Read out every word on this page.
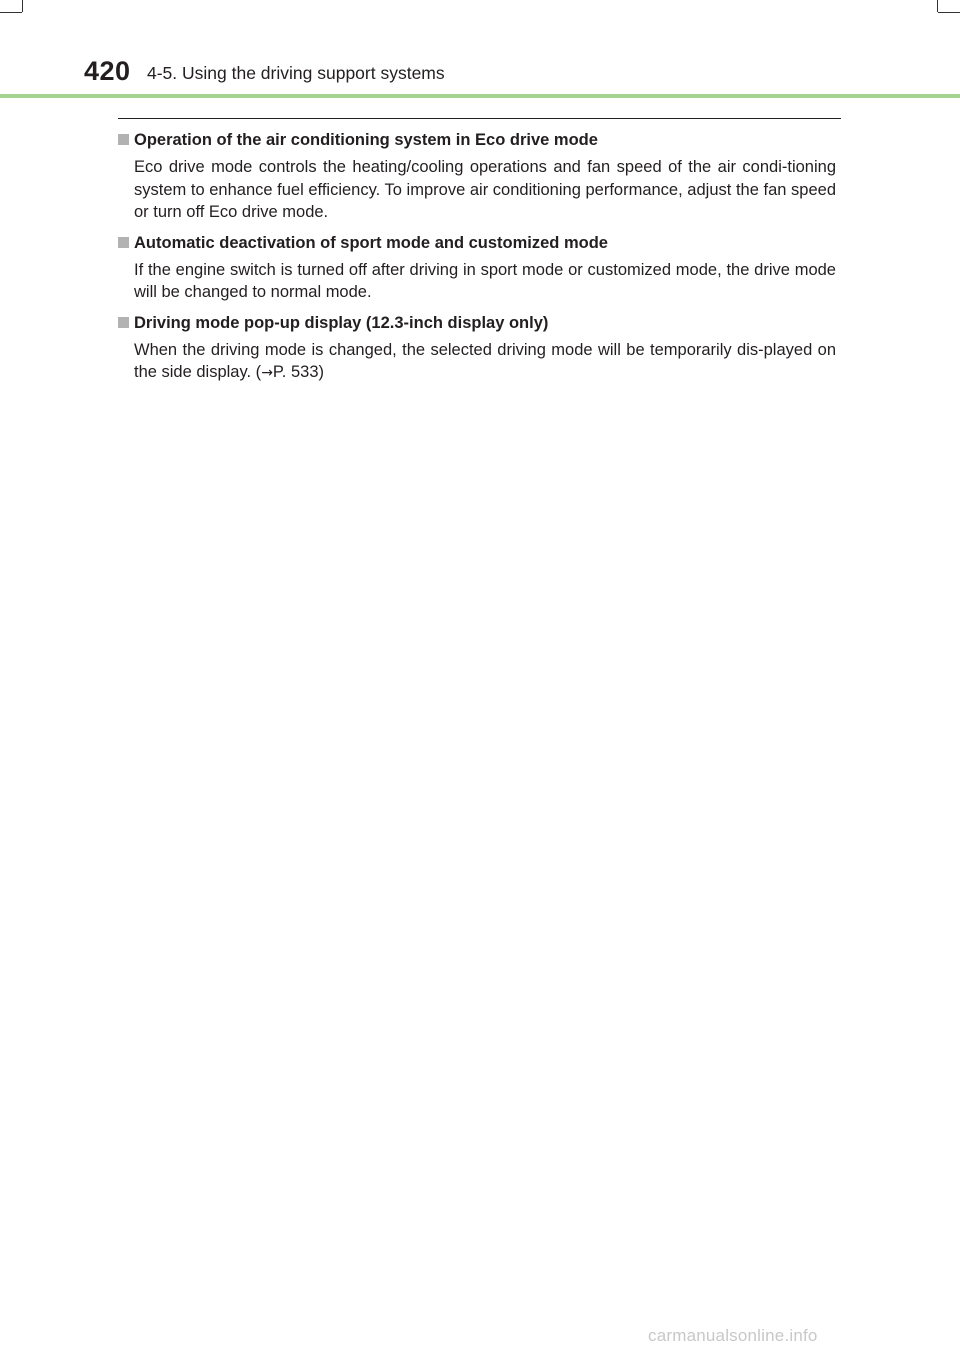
420 4-5. Using the driving support systems
Operation of the air conditioning system in Eco drive mode
Eco drive mode controls the heating/cooling operations and fan speed of the air condi-tioning system to enhance fuel efficiency. To improve air conditioning performance, adjust the fan speed or turn off Eco drive mode.
Automatic deactivation of sport mode and customized mode
If the engine switch is turned off after driving in sport mode or customized mode, the drive mode will be changed to normal mode.
Driving mode pop-up display (12.3-inch display only)
When the driving mode is changed, the selected driving mode will be temporarily dis-played on the side display. (→P. 533)
carmanualsonline.info
